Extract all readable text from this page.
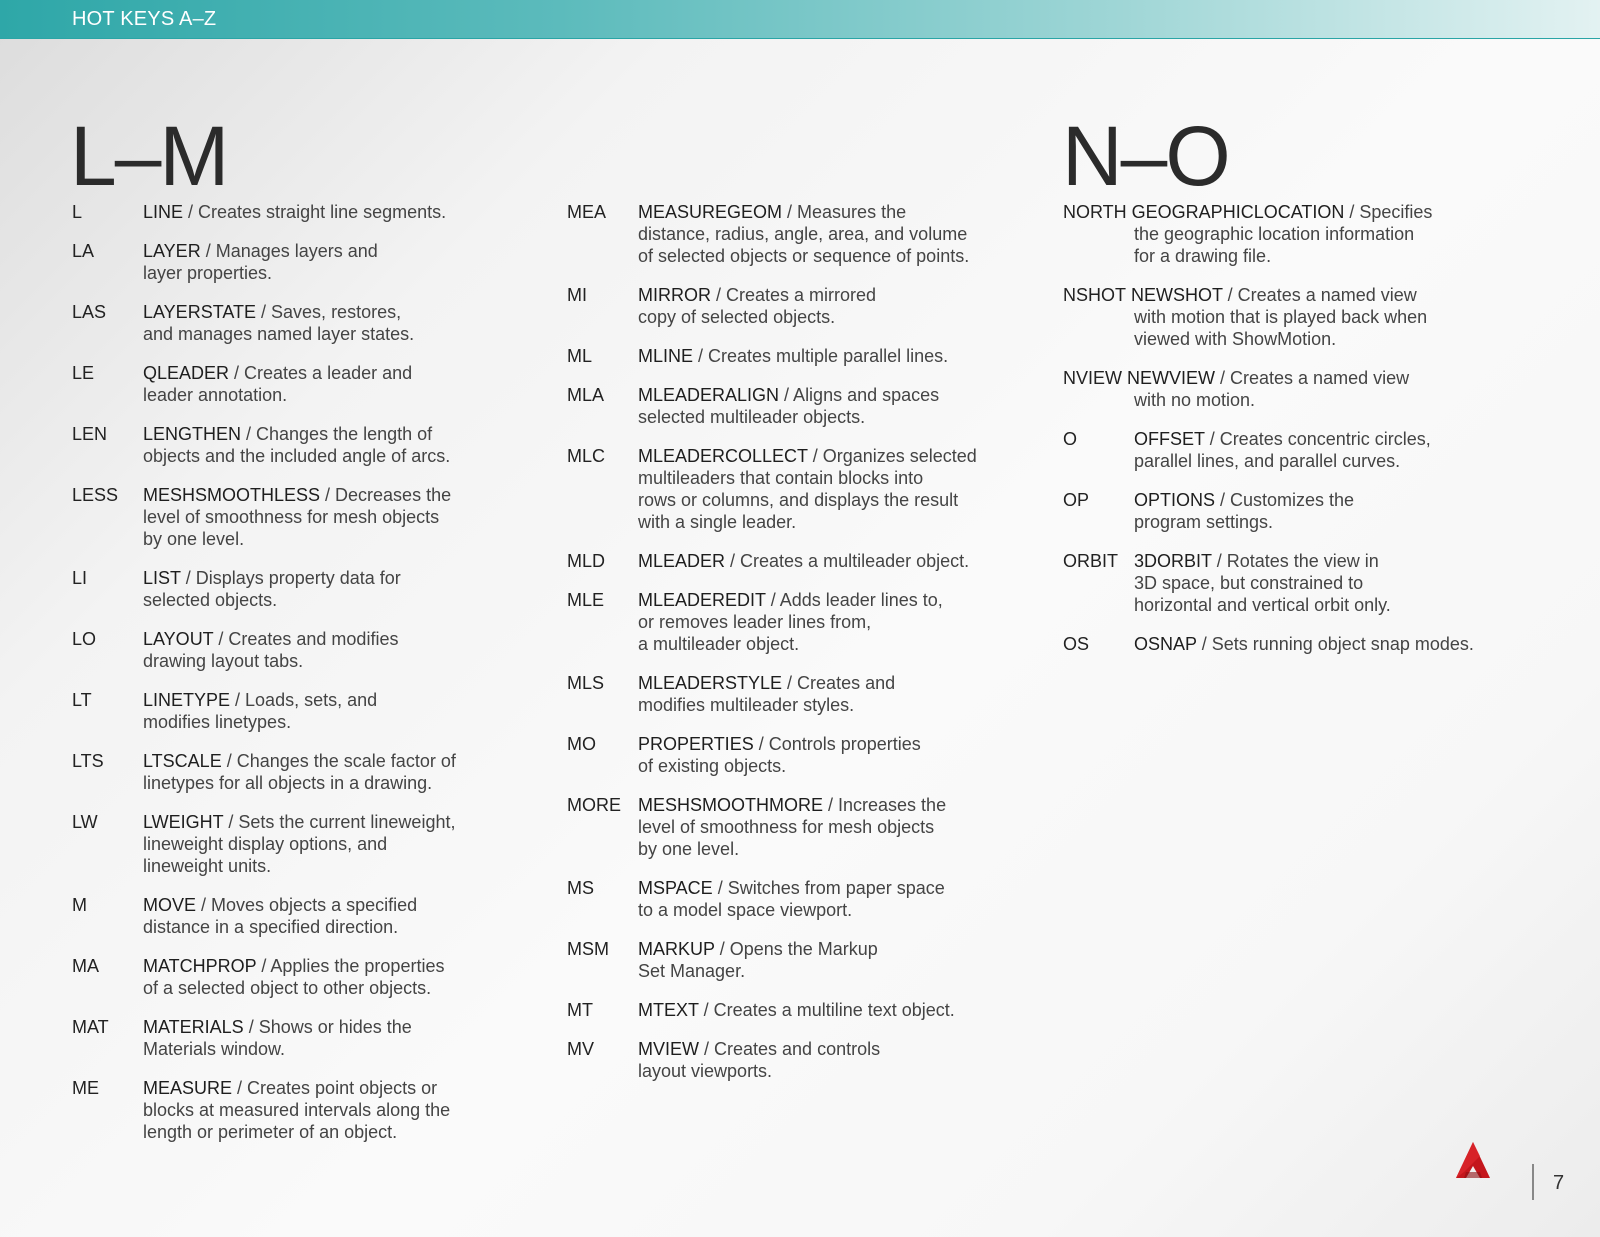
HOT KEYS A–Z
L–M	N–O
L	LINE / Creates straight line segments.
LA	LAYER / Manages layers and
layer properties.
LAS LAYERSTATE / Saves, restores,
and manages named layer states.
LE	QLEADER / Creates a leader and
leader annotation.
LEN LENGTHEN / Changes the length of
objects and the included angle of arcs.
LESS MESHSMOOTHLESS / Decreases the
level of smoothness for mesh objects
by one level.
LI	LIST / Displays property data for
selected objects.
LO	LAYOUT / Creates and modifies
drawing layout tabs.
LT	LINETYPE / Loads, sets, and
modifies linetypes.
LTS LTSCALE / Changes the scale factor of
linetypes for all objects in a drawing.
LW	LWEIGHT / Sets the current lineweight,
lineweight display options, and
lineweight units.
M	MOVE / Moves objects a specified
distance in a specified direction.
MA MATCHPROP / Applies the properties
of a selected object to other objects.
MAT MATERIALS / Shows or hides the
Materials window.
ME MEASURE / Creates point objects or
blocks at measured intervals along the
length or perimeter of an object.
MEA MEASUREGEOM / Measures the
distance, radius, angle, area, and volume
of selected objects or sequence of points.
MI	MIRROR / Creates a mirrored
copy of selected objects.
ML	MLINE / Creates multiple parallel lines.
MLA MLEADERALIGN / Aligns and spaces
selected multileader objects.
MLC MLEADERCOLLECT / Organizes selected
multileaders that contain blocks into
rows or columns, and displays the result
with a single leader.
MLD MLEADER / Creates a multileader object.
MLE MLEADEREDIT / Adds leader lines to,
or removes leader lines from,
a multileader object.
MLS MLEADERSTYLE / Creates and
modifies multileader styles.
MO PROPERTIES / Controls properties
of existing objects.
MORE MESHSMOOTHMORE / Increases the
level of smoothness for mesh objects
by one level.
MS MSPACE / Switches from paper space
to a model space viewport.
MSM MARKUP / Opens the Markup
Set Manager.
MT	MTEXT / Creates a multiline text object.
MV MVIEW / Creates and controls
layout viewports.
NORTH GEOGRAPHICLOCATION / Specifies
the geographic location information
for a drawing file.
NSHOT NEWSHOT / Creates a named view
with motion that is played back when
viewed with ShowMotion.
NVIEW NEWVIEW / Creates a named view
with no motion.
O	OFFSET / Creates concentric circles,
parallel lines, and parallel curves.
OP OPTIONS / Customizes the
program settings.
ORBIT 3DORBIT / Rotates the view in
3D space, but constrained to
horizontal and vertical orbit only.
OS OSNAP / Sets running object snap modes.
7
